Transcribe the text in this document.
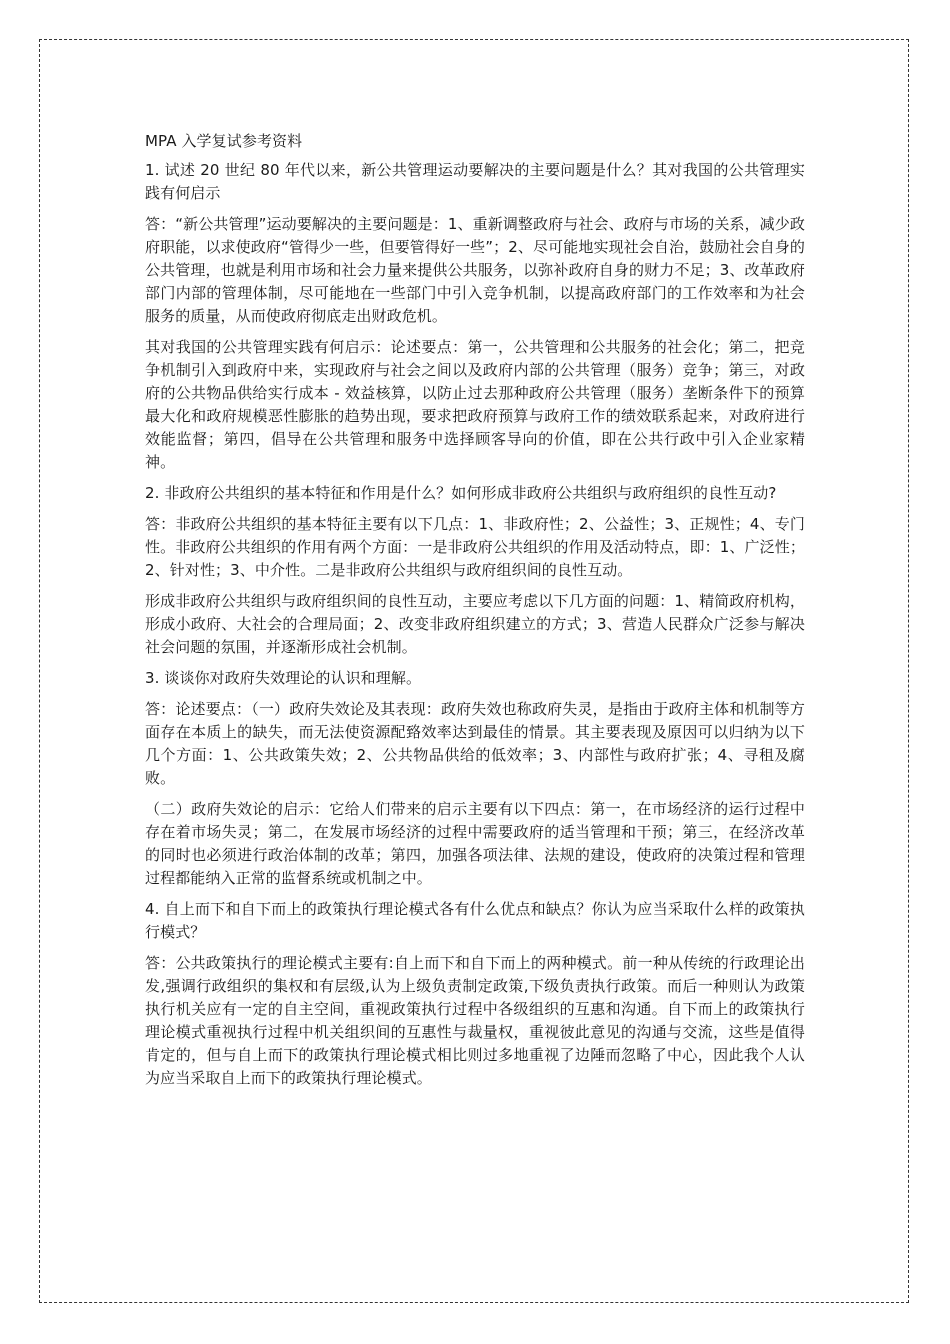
MPA 入学复试参考资料

1. 试述 20 世纪 80 年代以来，新公共管理运动要解决的主要问题是什么？其对我国的公共管理实践有何启示

答：“新公共管理”运动要解决的主要问题是：1、重新调整政府与社会、政府与市场的关系，减少政府职能，以求使政府“管得少一些，但要管得好一些”；2、尽可能地实现社会自治，鼓励社会自身的公共管理，也就是利用市场和社会力量来提供公共服务，以弥补政府自身的财力不足；3、改革政府部门内部的管理体制，尽可能地在一些部门中引入竞争机制，以提高政府部门的工作效率和为社会服务的质量，从而使政府彻底走出财政危机。

其对我国的公共管理实践有何启示：论述要点：第一，公共管理和公共服务的社会化；第二，把竞争机制引入到政府中来，实现政府与社会之间以及政府内部的公共管理（服务）竞争；第三，对政府的公共物品供给实行成本 - 效益核算，以防止过去那种政府公共管理（服务）垄断条件下的预算最大化和政府规模恶性膨胀的趋势出现，要求把政府预算与政府工作的绩效联系起来，对政府进行效能监督；第四，倡导在公共管理和服务中选择顾客导向的价值，即在公共行政中引入企业家精神。

2. 非政府公共组织的基本特征和作用是什么？如何形成非政府公共组织与政府组织的良性互动?

答：非政府公共组织的基本特征主要有以下几点：1、非政府性；2、公益性；3、正规性；4、专门性。非政府公共组织的作用有两个方面：一是非政府公共组织的作用及活动特点，即：1、广泛性；2、针对性；3、中介性。二是非政府公共组织与政府组织间的良性互动。

形成非政府公共组织与政府组织间的良性互动，主要应考虑以下几方面的问题：1、精简政府机构，形成小政府、大社会的合理局面；2、改变非政府组织建立的方式；3、营造人民群众广泛参与解决社会问题的氛围，并逐渐形成社会机制。

3. 谈谈你对政府失效理论的认识和理解。

答：论述要点：（一）政府失效论及其表现：政府失效也称政府失灵，是指由于政府主体和机制等方面存在本质上的缺失，而无法使资源配臵效率达到最佳的情景。其主要表现及原因可以归纳为以下几个方面：1、公共政策失效；2、公共物品供给的低效率；3、内部性与政府扩张；4、寻租及腐败。

（二）政府失效论的启示：它给人们带来的启示主要有以下四点：第一，在市场经济的运行过程中存在着市场失灵；第二，在发展市场经济的过程中需要政府的适当管理和干预；第三，在经济改革的同时也必须进行政治体制的改革；第四，加强各项法律、法规的建设，使政府的决策过程和管理过程都能纳入正常的监督系统或机制之中。

4. 自上而下和自下而上的政策执行理论模式各有什么优点和缺点？你认为应当采取什么样的政策执行模式？

答：公共政策执行的理论模式主要有:自上而下和自下而上的两种模式。前一种从传统的行政理论出发,强调行政组织的集权和有层级,认为上级负责制定政策,下级负责执行政策。而后一种则认为政策执行机关应有一定的自主空间，重视政策执行过程中各级组织的互惠和沟通。自下而上的政策执行理论模式重视执行过程中机关组织间的互惠性与裁量权，重视彼此意见的沟通与交流，这些是值得肯定的，但与自上而下的政策执行理论模式相比则过多地重视了边陲而忽略了中心，因此我个人认为应当采取自上而下的政策执行理论模式。
